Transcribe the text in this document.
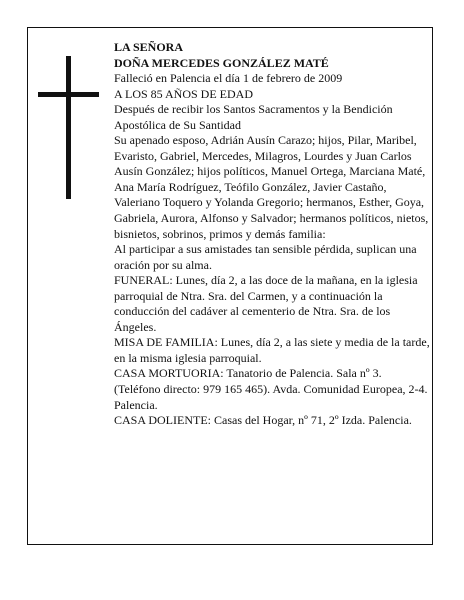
LA SEÑORA

DOÑA MERCEDES GONZÁLEZ MATÉ

Falleció en Palencia el día 1 de febrero de 2009

A LOS 85 AÑOS DE EDAD

Después de recibir los Santos Sacramentos y la Bendición Apostólica de Su Santidad

Su apenado esposo, Adrián Ausín Carazo; hijos, Pilar, Maribel, Evaristo, Gabriel, Mercedes, Milagros, Lourdes y Juan Carlos Ausín González; hijos políticos, Manuel Ortega, Marciana Maté, Ana María Rodríguez, Teófilo González, Javier Castaño, Valeriano Toquero y Yolanda Gregorio; hermanos, Esther, Goya, Gabriela, Aurora, Alfonso y Salvador; hermanos políticos, nietos, bisnietos, sobrinos, primos y demás familia:

Al participar a sus amistades tan sensible pérdida, suplican una oración por su alma.

FUNERAL: Lunes, día 2, a las doce de la mañana, en la iglesia parroquial de Ntra. Sra. del Carmen, y a continuación la conducción del cadáver al cementerio de Ntra. Sra. de los Ángeles.

MISA DE FAMILIA: Lunes, día 2, a las siete y media de la tarde, en la misma iglesia parroquial.

CASA MORTUORIA: Tanatorio de Palencia. Sala nº 3. (Teléfono directo: 979 165 465). Avda. Comunidad Europea, 2-4. Palencia.

CASA DOLIENTE: Casas del Hogar, nº 71, 2º Izda. Palencia.
